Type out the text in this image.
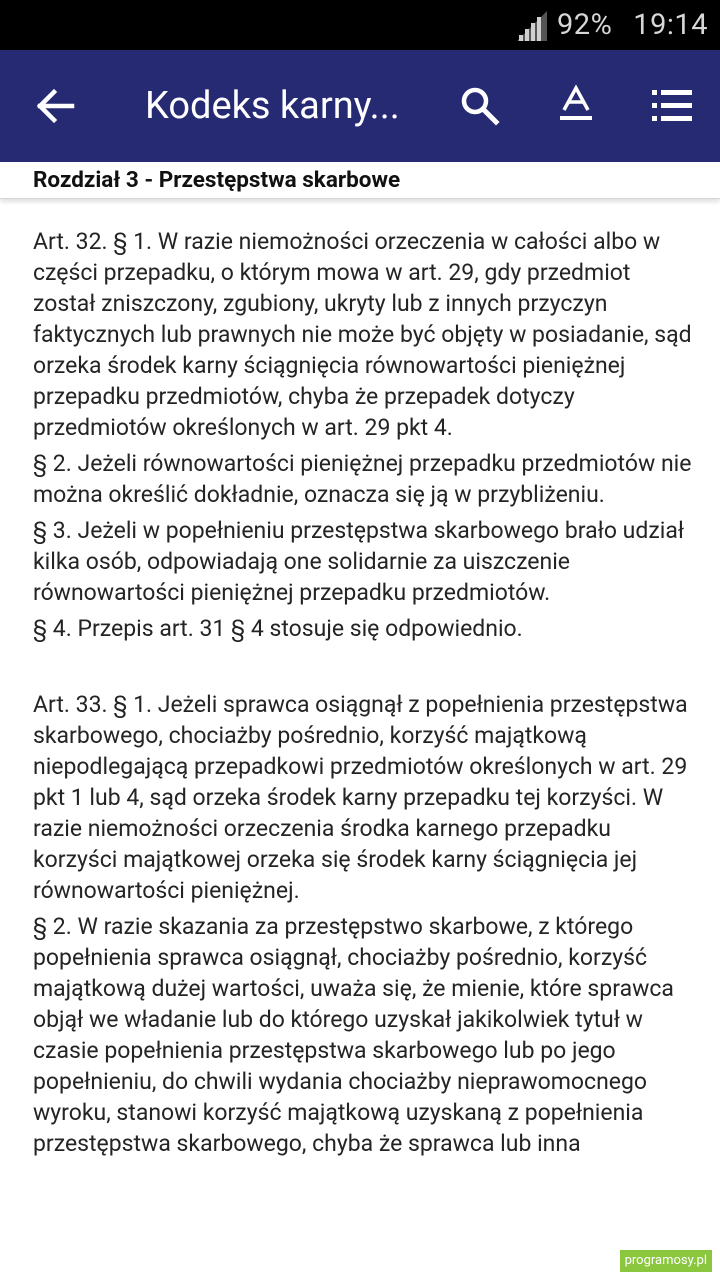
92% 19:14
Kodeks karny...
Rozdział 3 - Przestępstwa skarbowe

Art. 32. § 1. W razie niemożności orzeczenia w całości albo w części przepadku, o którym mowa w art. 29, gdy przedmiot został zniszczony, zgubiony, ukryty lub z innych przyczyn faktycznych lub prawnych nie może być objęty w posiadanie, sąd orzeka środek karny ściągnięcia równowartości pieniężnej przepadku przedmiotów, chyba że przepadek dotyczy przedmiotów określonych w art. 29 pkt 4.

§ 2. Jeżeli równowartości pieniężnej przepadku przedmiotów nie można określić dokładnie, oznacza się ją w przybliżeniu.

§ 3. Jeżeli w popełnieniu przestępstwa skarbowego brało udział kilka osób, odpowiadają one solidarnie za uiszczenie równowartości pieniężnej przepadku przedmiotów.

§ 4. Przepis art. 31 § 4 stosuje się odpowiednio.

Art. 33. § 1. Jeżeli sprawca osiągnął z popełnienia przestępstwa skarbowego, chociażby pośrednio, korzyść majątkową niepodlegającą przepadkowi przedmiotów określonych w art. 29 pkt 1 lub 4, sąd orzeka środek karny przepadku tej korzyści. W razie niemożności orzeczenia środka karnego przepadku korzyści majątkowej orzeka się środek karny ściągnięcia jej równowartości pieniężnej.

§ 2. W razie skazania za przestępstwo skarbowe, z którego popełnienia sprawca osiągnął, chociażby pośrednio, korzyść majątkową dużej wartości, uważa się, że mienie, które sprawca objął we władanie lub do którego uzyskał jakikolwiek tytuł w czasie popełnienia przestępstwa skarbowego lub po jego popełnieniu, do chwili wydania chociażby nieprawomocnego wyroku, stanowi korzyść majątkową uzyskaną z popełnienia przestępstwa skarbowego, chyba że sprawca lub inna

programosy.pl
